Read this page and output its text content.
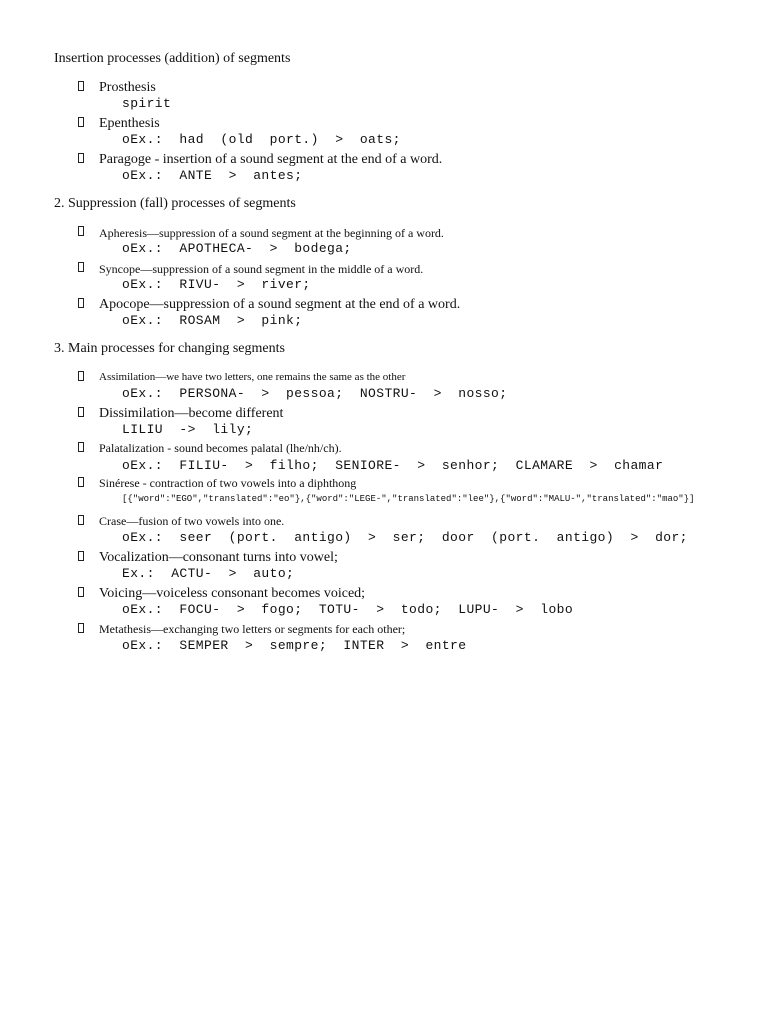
Insertion processes (addition) of segments
Prosthesis
spirit
Epenthesis
oEx.:  had  (old  port.)  >  oats;
Paragoge - insertion of a sound segment at the end of a word.
oEx.:  ANTE  >  antes;
2. Suppression (fall) processes of segments
Apheresis—suppression of a sound segment at the beginning of a word.
oEx.:  APOTHECA-  >  bodega;
Syncope—suppression of a sound segment in the middle of a word.
oEx.:  RIVU-  >  river;
Apocope—suppression of a sound segment at the end of a word.
oEx.:  ROSAM  >  pink;
3. Main processes for changing segments
Assimilation—we have two letters, one remains the same as the other
oEx.:  PERSONA-  >  pessoa;  NOSTRU-  >  nosso;
Dissimilation—become different
LILIU  ->  lily;
Palatalization - sound becomes palatal (lhe/nh/ch).
oEx.:  FILIU-  >  filho;  SENIORE-  >  senhor;  CLAMARE  >  chamar
Sinérese - contraction of two vowels into a diphthong
[{"word":"EGO","translated":"eo"},{"word":"LEGE-","translated":"lee"},{"word":"MALU-","translated":"mao"}]
Crase—fusion of two vowels into one.
oEx.:  seer  (port.  antigo)  >  ser;  door  (port.  antigo)  >  dor;
Vocalization—consonant turns into vowel;
Ex.:  ACTU-  >  auto;
Voicing—voiceless consonant becomes voiced;
oEx.:  FOCU-  >  fogo;  TOTU-  >  todo;  LUPU-  >  lobo
Metathesis—exchanging two letters or segments for each other;
oEx.:  SEMPER  >  sempre;  INTER  >  entre
